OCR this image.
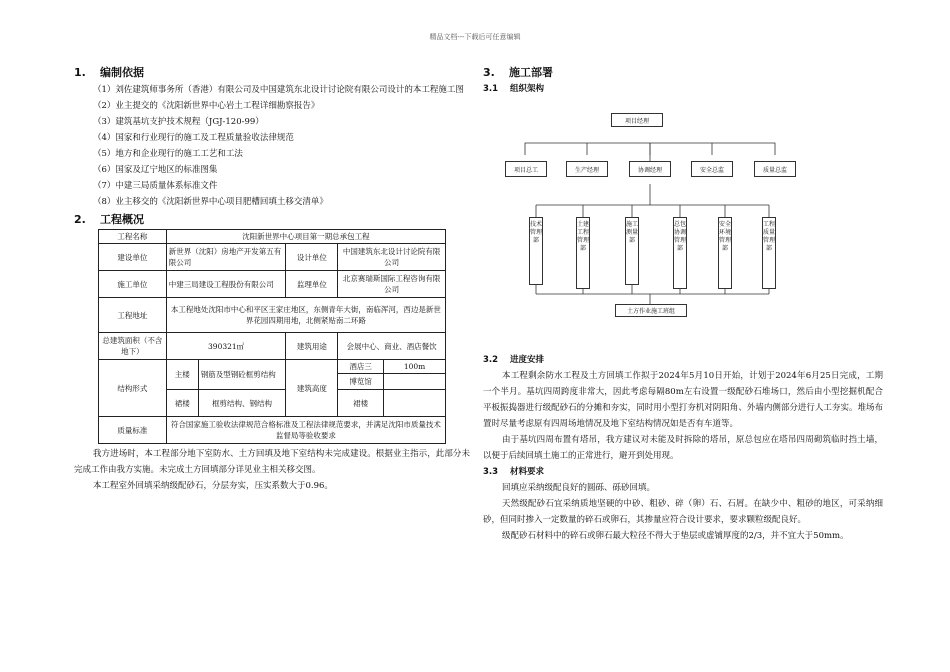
精品文档---下载后可任意编辑
1. 编制依据

（1）刘佐建筑师事务所（香港）有限公司及中国建筑东北设计讨论院有限公司设计的本工程施工图

（2）业主提交的《沈阳新世界中心岩土工程详细勘察报告》

（3）建筑基坑支护技术规程（JGJ-120-99）

（4）国家和行业现行的施工及工程质量验收法律规范

（5）地方和企业现行的施工工艺和工法

（6）国家及辽宁地区的标准图集

（7）中建三局质量体系标准文件

（8）业主移交的《沈阳新世界中心项目肥槽回填土移交清单》

2. 工程概况
工程名称	沈阳新世界中心项目第一期总承包工程				
建设单位	新世界（沈阳）房地产开发第五有限公司		设计单位	中国建筑东北设计讨论院有限公司	
施工单位	中建三局建设工程股份有限公司		监理单位	北京赛瑞斯国际工程咨询有限公司	
工程地址	本工程地处沈阳市中心和平区王家庄地区，东侧青年大街，南临浑河，西边是新世界花园四期用地，北侧紧贴南二环路				
总建筑面积（不含地下）	390321㎡		建筑用途	会展中心、商业、酒店餐饮	
结构形式	主楼	钢筋及型钢砼框剪结构	建筑高度	酒店三	100m
				博览馆	
	裙楼	框剪结构、钢结构		裙楼	
质量标准	符合国家施工验收法律规范合格标准及工程法律规范要求，并满足沈阳市质量技术监督局等验收要求				

我方进场时，本工程部分地下室防水、土方回填及地下室结构未完成建设。根据业主指示，此部分未完成工作由我方实施。未完成土方回填部分详见业主相关移交图。

本工程室外回填采纳级配砂石，分层夯实，压实系数大于0.96。

3. 施工部署
3.1 组织架构
项目经理
项目总工	生产经理	协调经理	安全总监	质量总监
技术管理部
土建工程管理部
施工测量部
总包协调管理部
安全环境管理部
工程质量管理部
土方作业施工班组
3.2 进度安排

本工程剩余防水工程及土方回填工作拟于2024年5月10日开始，计划于2024年6月25日完成，工期一个半月。基坑四周跨度非常大，因此考虑每隔80m左右设置一级配砂石堆场口，然后由小型挖掘机配合平板振捣器进行级配砂石的分摊和夯实，同时用小型打夯机对阴阳角、外墙内侧部分进行人工夯实。堆场布置时尽量考虑原有四周场地情况及地下室结构情况如是否有车道等。

由于基坑四周布置有塔吊，我方建议对未能及时拆除的塔吊，原总包应在塔吊四周砌筑临时挡土墙，以便于后续回填土施工的正常进行，避开到处用现。

3.3 材料要求

回填应采纳级配良好的圆砾、砾砂回填。

天然级配砂石宜采纳质地坚硬的中砂、粗砂、碎（卵）石、石屑。在缺少中、粗砂的地区，可采纳细砂，但同时掺入一定数量的碎石或卵石，其掺量应符合设计要求，要求颗粒级配良好。

级配砂石材料中的碎石或卵石最大粒径不得大于垫层或虚铺厚度的2/3，并不宜大于50mm。
